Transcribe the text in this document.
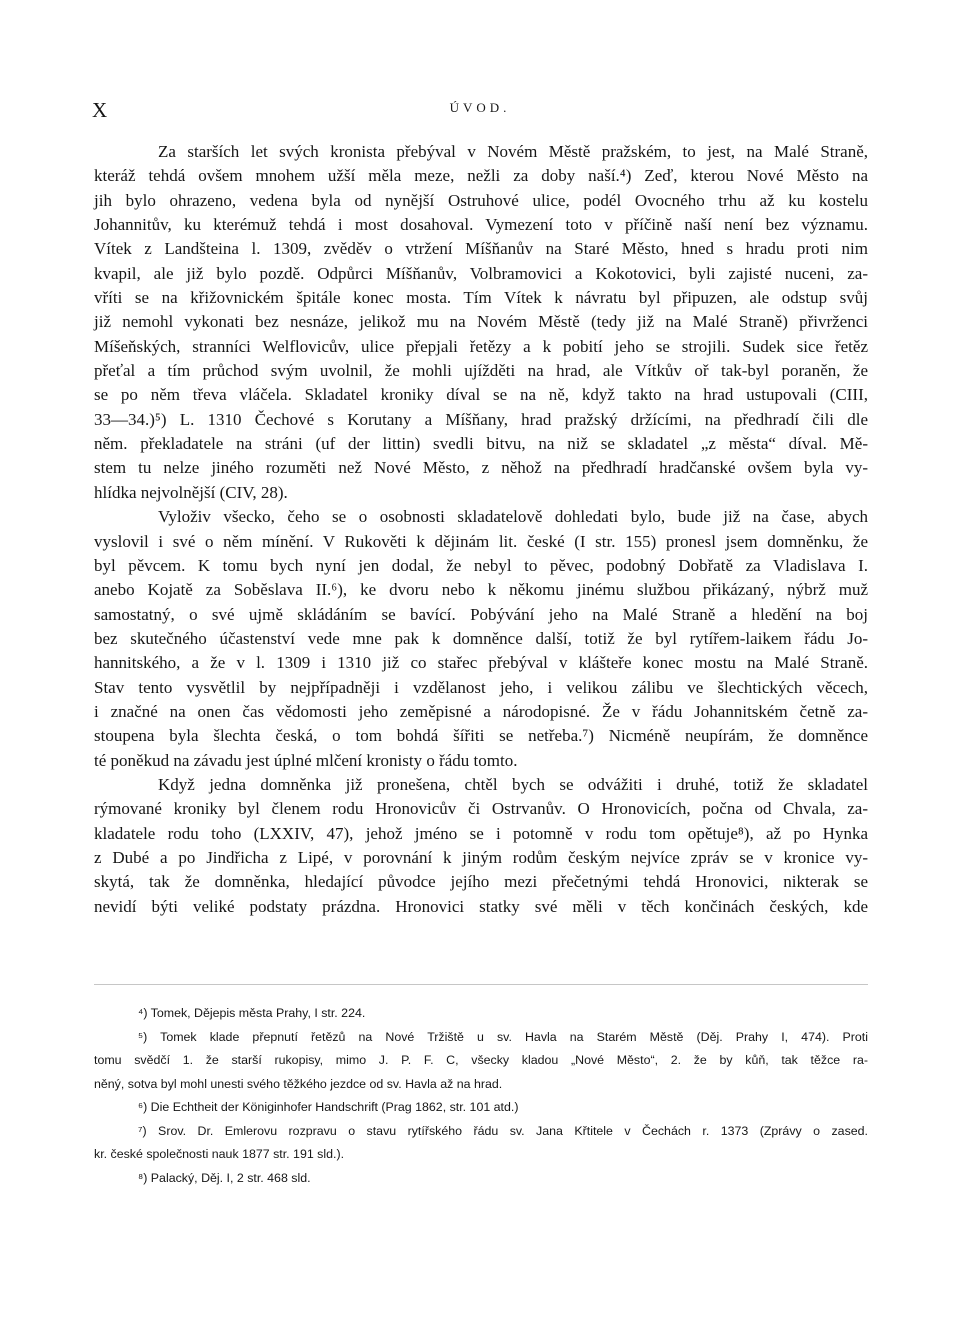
X	ÚVOD.
Za starších let svých kronista přebýval v Novém Městě pražském, to jest, na Malé Straně,
kteráž tehdá ovšem mnohem užší měla meze, nežli za doby naší.⁴) Zeď, kterou Nové Město na
jih bylo ohrazeno, vedena byla od nynější Ostruhové ulice, podél Ovocného trhu až ku kostelu
Johannitův, ku kterémuž tehdá i most dosahoval. Vymezení toto v příčině naší není bez významu.
Vítek z Landšteina l. 1309, zvěděv o vtržení Míšňanův na Staré Město, hned s hradu proti nim
kvapil, ale již bylo pozdě. Odpůrci Míšňanův, Volbramovici a Kokotovici, byli zajisté nuceni, za-
vříti se na křižovnickém špitále konec mosta. Tím Vítek k návratu byl připuzen, ale odstup svůj
již nemohl vykonati bez nesnáze, jelikož mu na Novém Městě (tedy již na Malé Straně) přivrženci
Míšeňských, stranníci Welflovicův, ulice přepjali řetězy a k pobití jeho se strojili. Sudek sice řetěz
přeťal a tím průchod svým uvolnil, že mohli ujížděti na hrad, ale Vítkův oř tak-byl poraněn, že
se po něm třeva vláčela. Skladatel kroniky díval se na ně, když takto na hrad ustupovali (CIII,
33—34.)⁵) L. 1310 Čechové s Korutany a Míšňany, hrad pražský držícími, na předhradí čili dle
něm. překladatele na stráni (uf der littin) svedli bitvu, na niž se skladatel „z města“ díval. Mě-
stem tu nelze jiného rozuměti než Nové Město, z něhož na předhradí hradčanské ovšem byla vy-
hlídka nejvolnější (CIV, 28).
Vyloživ všecko, čeho se o osobnosti skladatelově dohledati bylo, bude již na čase, abych
vyslovil i své o něm mínění. V Rukověti k dějinám lit. české (I str. 155) pronesl jsem domněnku, že
byl pěvcem. K tomu bych nyní jen dodal, že nebyl to pěvec, podobný Dobřatě za Vladislava I.
anebo Kojatě za Soběslava II.⁶), ke dvoru nebo k někomu jinému službou přikázaný, nýbrž muž
samostatný, o své ujmě skládáním se bavící. Pobývání jeho na Malé Straně a hledění na boj
bez skutečného účastenství vede mne pak k domněnce další, totiž že byl rytířem-laikem řádu Jo-
hannitského, a že v l. 1309 i 1310 již co stařec přebýval v klášteře konec mostu na Malé Straně.
Stav tento vysvětlil by nejpřípadněji i vzdělanost jeho, i velikou zálibu ve šlechtických věcech,
i značné na onen čas vědomosti jeho zeměpisné a národopisné. Že v řádu Johannitském četně za-
stoupena byla šlechta česká, o tom bohdá šířiti se netřeba.⁷) Nicméně neupírám, že domněnce
té poněkud na závadu jest úplné mlčení kronisty o řádu tomto.
Když jedna domněnka již pronešena, chtěl bych se odvážiti i druhé, totiž že skladatel
rýmované kroniky byl členem rodu Hronovicův či Ostrvanův. O Hronovicích, počna od Chvala, za-
kladatele rodu toho (LXXIV, 47), jehož jméno se i potomně v rodu tom opětuje⁸), až po Hynka
z Dubé a po Jindřicha z Lipé, v porovnání k jiným rodům českým nejvíce zpráv se v kronice vy-
skytá, tak že domněnka, hledající původce jejího mezi přečetnými tehdá Hronovici, nikterak se
nevidí býti veliké podstaty prázdna. Hronovici statky své měli v těch končinách českých, kde
⁴) Tomek, Dějepis města Prahy, I str. 224.
⁵) Tomek klade přepnutí řetězů na Nové Tržiště u sv. Havla na Starém Městě (Děj. Prahy I, 474). Proti
tomu svědčí 1. že starší rukopisy, mimo J. P. F. C, všecky kladou „Nové Město“, 2. že by kůň, tak těžce ra-
něný, sotva byl mohl unesti svého těžkého jezdce od sv. Havla až na hrad.
⁶) Die Echtheit der Königinhofer Handschrift (Prag 1862, str. 101 atd.)
⁷) Srov. Dr. Emlerovu rozpravu o stavu rytířského řádu sv. Jana Křtitele v Čechách r. 1373 (Zprávy o zased.
kr. české společnosti nauk 1877 str. 191 sld.).
⁸) Palacký, Děj. I, 2 str. 468 sld.
